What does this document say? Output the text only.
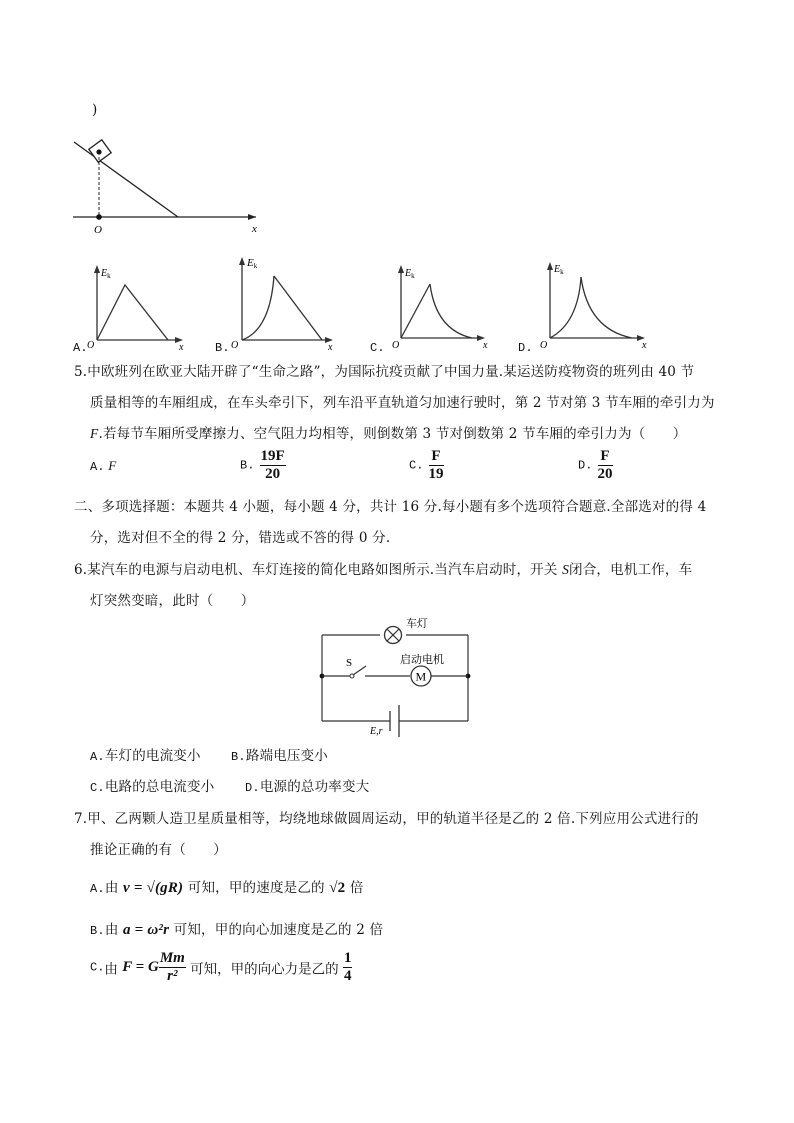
)
O	x
A.
$E_k$
O	x	B.
Ek
O	x	C.
$E_k$
O	x	D.
$E_k$
O	x
5.中欧班列在欧亚大陆开辟了“生命之路”，为国际抗疫贡献了中国力量.某运送防疫物资的班列由 40 节
质量相等的车厢组成，在车头牵引下，列车沿平直轨道匀加速行驶时，第 2 节对第 3 节车厢的牵引力为
F.若每节车厢所受摩擦力、空气阻力均相等，则倒数第 3 节对倒数第 2 节车厢的牵引力为（　　）
A. F	B. $\frac{19F}{20}$	C. $\frac{F}{19}$	D. $\frac{F}{20}$
二、多项选择题：本题共 4 小题，每小题 4 分，共计 16 分.每小题有多个选项符合题意.全部选对的得 4
分，选对但不全的得 2 分，错选或不答的得 0 分.
6.某汽车的电源与启动电机、车灯连接的简化电路如图所示.当汽车启动时，开关 S闭合，电机工作，车
灯突然变暗，此时（　　）
车灯
S
M
启动电机
E,r
A.车灯的电流变小	B.路端电压变小
C.电路的总电流变小	D.电源的总功率变大
7.甲、乙两颗人造卫星质量相等，均绕地球做圆周运动，甲的轨道半径是乙的 2 倍.下列应用公式进行的
推论正确的有（　　）
A.由 v = √(gR) 可知，甲的速度是乙的 √2 倍
B.由 a = ω²r 可知，甲的向心加速度是乙的 2 倍
C.由 F = G $\frac{Mm}{\text{r²}}$ 可知，甲的向心力是乙的 $\frac{1}{4}$
